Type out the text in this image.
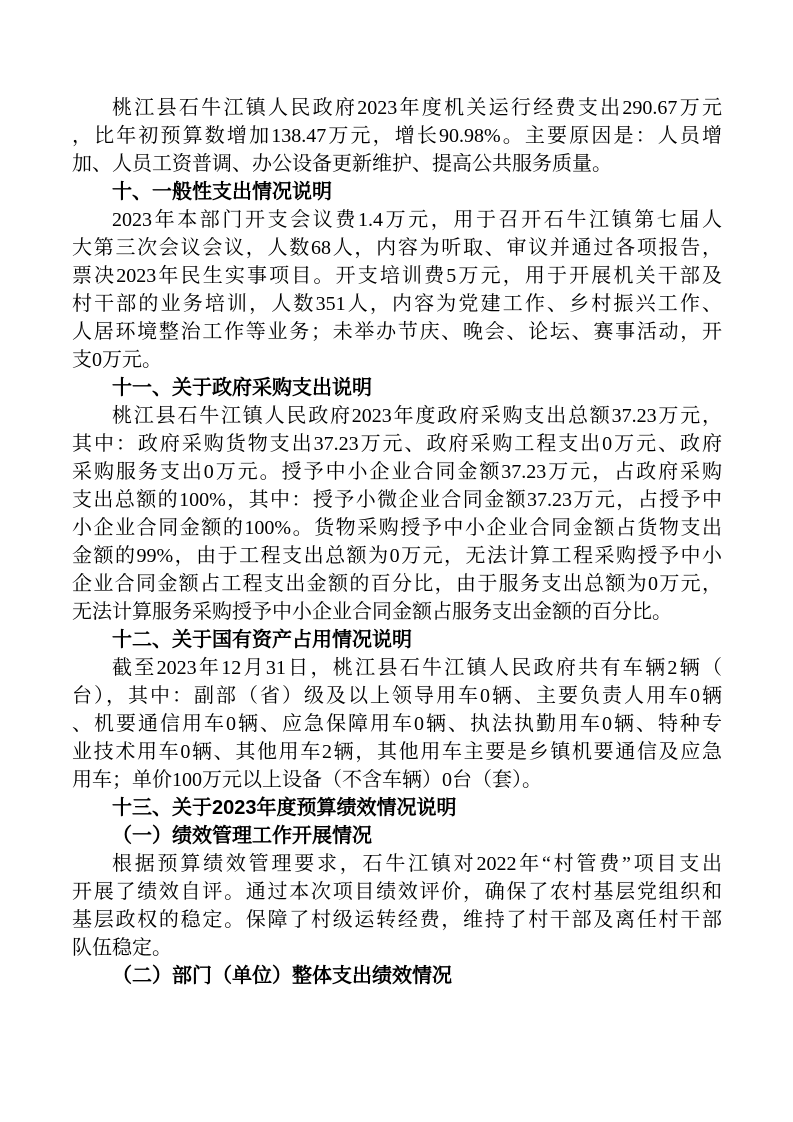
桃江县石牛江镇人民政府2023年度机关运行经费支出290.67万元
，比年初预算数增加138.47万元，增长90.98%。主要原因是：人员增
加、人员工资普调、办公设备更新维护、提高公共服务质量。
十、一般性支出情况说明
2023年本部门开支会议费1.4万元，用于召开石牛江镇第七届人
大第三次会议会议，人数68人，内容为听取、审议并通过各项报告，
票决2023年民生实事项目。开支培训费5万元，用于开展机关干部及
村干部的业务培训，人数351人，内容为党建工作、乡村振兴工作、
人居环境整治工作等业务；未举办节庆、晚会、论坛、赛事活动，开
支0万元。
十一、关于政府采购支出说明
桃江县石牛江镇人民政府2023年度政府采购支出总额37.23万元，
其中：政府采购货物支出37.23万元、政府采购工程支出0万元、政府
采购服务支出0万元。授予中小企业合同金额37.23万元，占政府采购
支出总额的100%，其中：授予小微企业合同金额37.23万元，占授予中
小企业合同金额的100%。货物采购授予中小企业合同金额占货物支出
金额的99%，由于工程支出总额为0万元，无法计算工程采购授予中小
企业合同金额占工程支出金额的百分比，由于服务支出总额为0万元，
无法计算服务采购授予中小企业合同金额占服务支出金额的百分比。
十二、关于国有资产占用情况说明
截至2023年12月31日，桃江县石牛江镇人民政府共有车辆2辆（
台），其中：副部（省）级及以上领导用车0辆、主要负责人用车0辆
、机要通信用车0辆、应急保障用车0辆、执法执勤用车0辆、特种专
业技术用车0辆、其他用车2辆，其他用车主要是乡镇机要通信及应急
用车；单价100万元以上设备（不含车辆）0台（套）。
十三、关于2023年度预算绩效情况说明
（一）绩效管理工作开展情况
根据预算绩效管理要求，石牛江镇对2022年“村管费”项目支出
开展了绩效自评。通过本次项目绩效评价，确保了农村基层党组织和
基层政权的稳定。保障了村级运转经费，维持了村干部及离任村干部
队伍稳定。
（二）部门（单位）整体支出绩效情况
